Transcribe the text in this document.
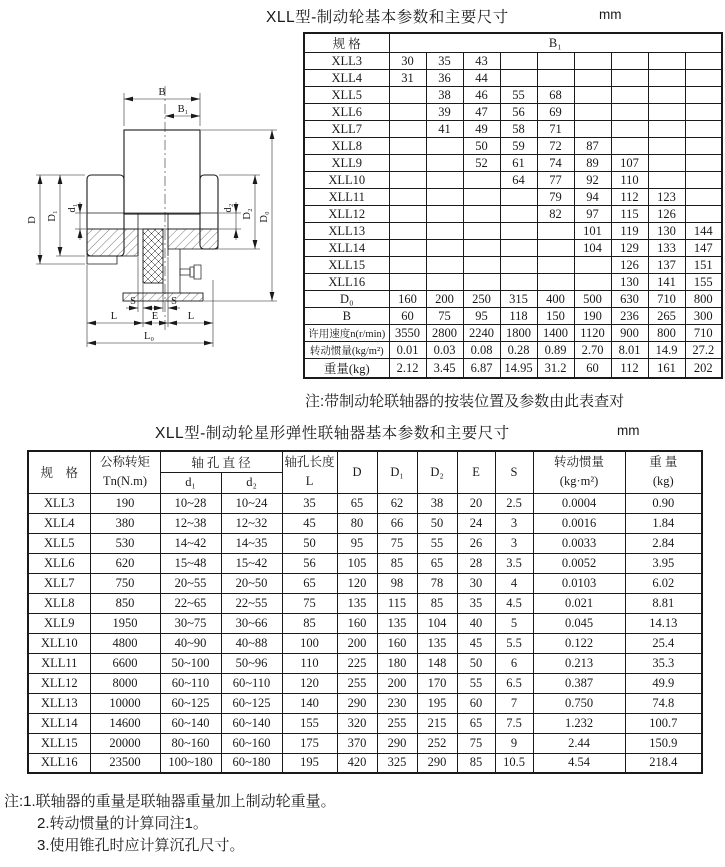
XLL型-制动轮基本参数和主要尺寸	mm
B
B₁
D D₁
d₁	d₂
D₂ D₀
S	S
L	E	L
L₀
规 格	B₁								
XLL3	30	35	43						
XLL4	31	36	44						
XLL5		38	46	55	68				
XLL6		39	47	56	69				
XLL7		41	49	58	71				
XLL8			50	59	72	87			
XLL9			52	61	74	89	107		
XLL10				64	77	92	110		
XLL11					79	94	112	123	
XLL12					82	97	115	126	
XLL13						101	119	130	144
XLL14						104	129	133	147
XLL15							126	137	151
XLL16							130	141	155
D₀	160	200	250	315	400	500	630	710	800
B	60	75	95	118	150	190	236	265	300
许用速度n(r/min)	3550	2800	2240	1800	1400	1120	900	800	710
转动惯量(kg/m²)	0.01	0.03	0.08	0.28	0.89	2.70	8.01	14.9	27.2
重量(kg)	2.12	3.45	6.87	14.95	31.2	60	112	161	202
注:带制动轮联轴器的按装位置及参数由此表查对
XLL型-制动轮星形弹性联轴器基本参数和主要尺寸	mm
规　格	
公称转矩
Tn(N.m)
	轴 孔 直 径	轴孔长度
L
	D	D₁	D₂	E	S	
转动惯量
(kg·m²)

重 量
(kg)

		d₁	d₂								
XLL3	190	10~28	10~24	35	65	62	38	20	2.5	0.0004	0.90
XLL4	380	12~38	12~32	45	80	66	50	24	3	0.0016	1.84
XLL5	530	14~42	14~35	50	95	75	55	26	3	0.0033	2.84
XLL6	620	15~48	15~42	56	105	85	65	28	3.5	0.0052	3.95
XLL7	750	20~55	20~50	65	120	98	78	30	4	0.0103	6.02
XLL8	850	22~65	22~55	75	135	115	85	35	4.5	0.021	8.81
XLL9	1950	30~75	30~66	85	160	135	104	40	5	0.045	14.13
XLL10	4800	40~90	40~88	100	200	160	135	45	5.5	0.122	25.4
XLL11	6600	50~100	50~96	110	225	180	148	50	6	0.213	35.3
XLL12	8000	60~110	60~110	120	255	200	170	55	6.5	0.387	49.9
XLL13	10000	60~125	60~125	140	290	230	195	60	7	0.750	74.8
XLL14	14600	60~140	60~140	155	320	255	215	65	7.5	1.232	100.7
XLL15	20000	80~160	60~160	175	370	290	252	75	9	2.44	150.9
XLL16	23500	100~180	60~180	195	420	325	290	85	10.5	4.54	218.4
注:1.联轴器的重量是联轴器重量加上制动轮重量。
2.转动惯量的计算同注1。
3.使用锥孔时应计算沉孔尺寸。
